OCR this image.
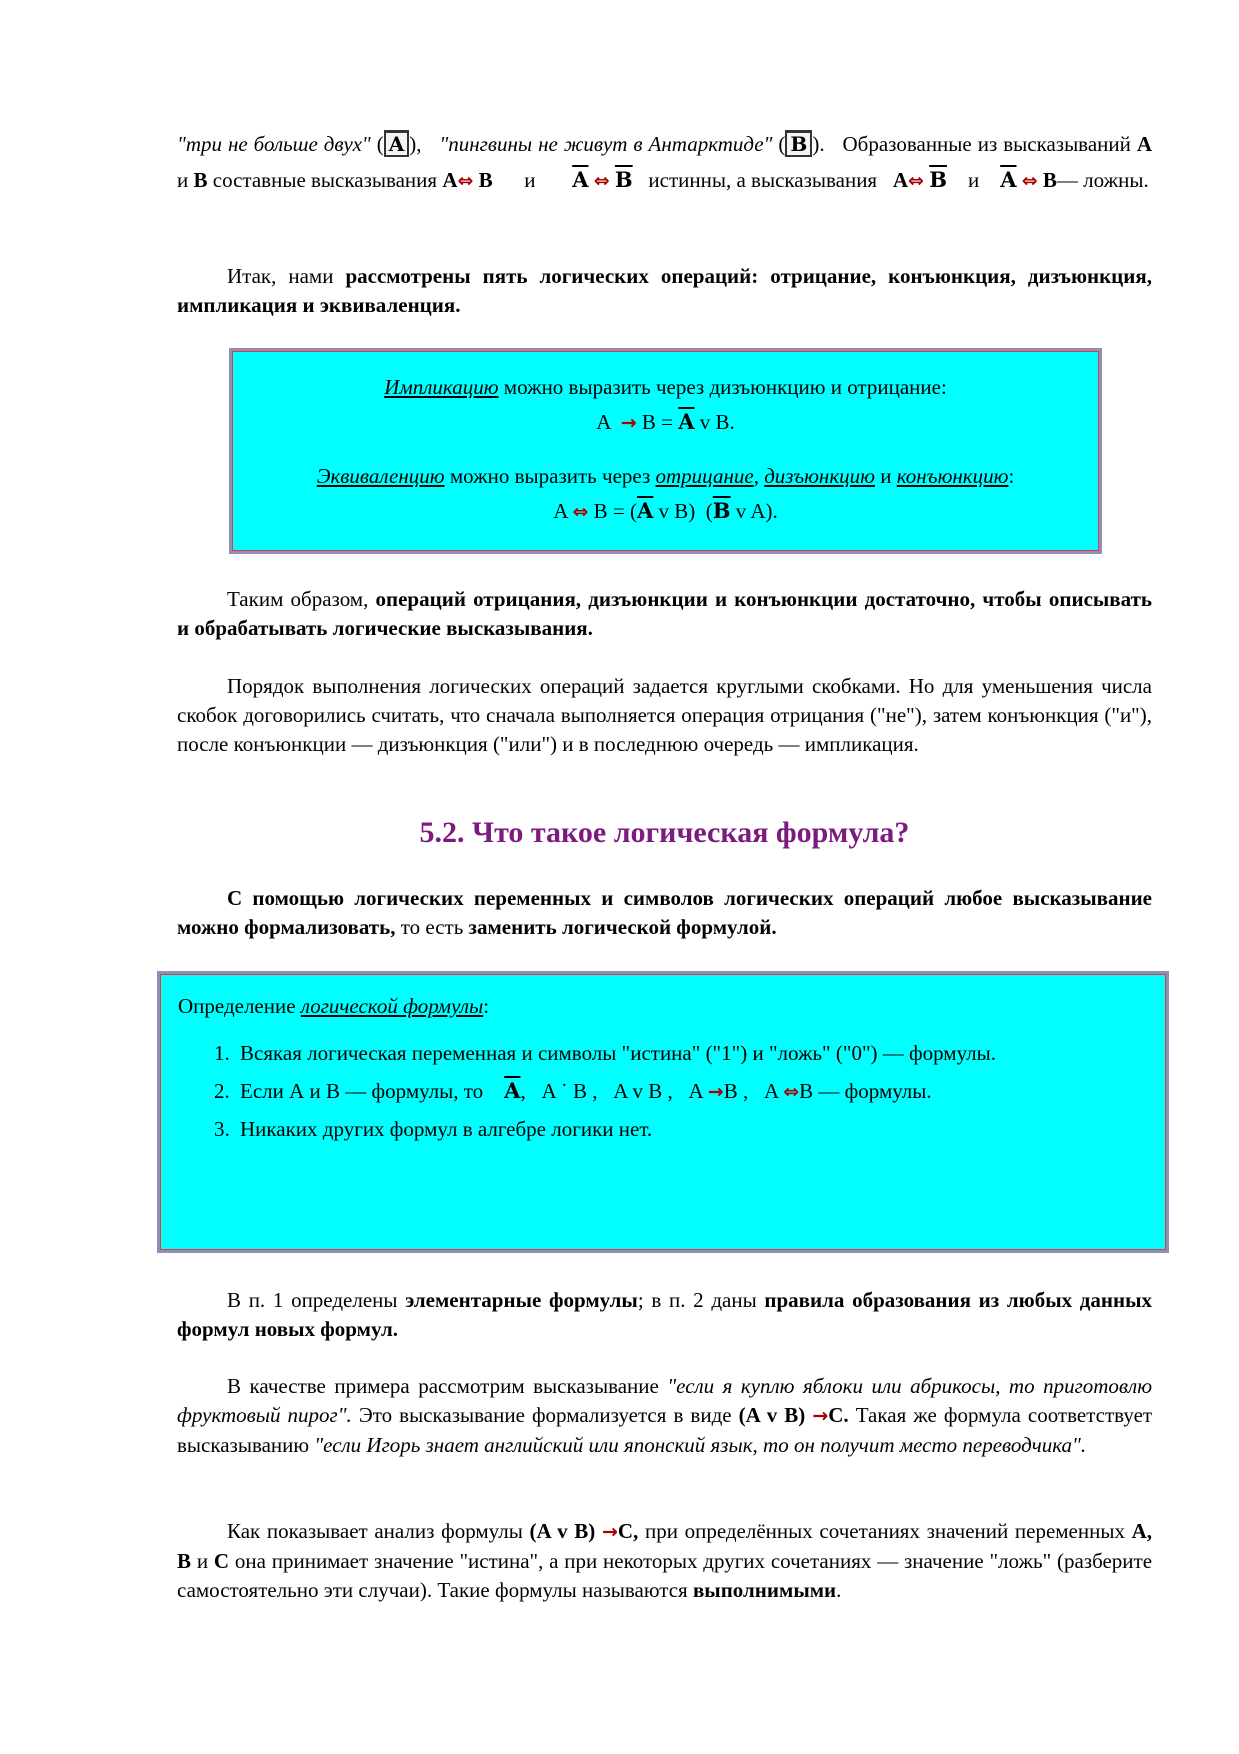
"три не больше двух" ( A ),   "пингвины не живут в Антарктиде" ( B ).   Образованные из высказываний A и B составные высказывания A⇔ B и $\overline{A}$ ⇔ $\overline{B}$ истинны, а высказывания A⇔ $\overline{B}$ и $\overline{A}$ ⇔ B— ложны.

Итак, нами рассмотрены пять логических операций: отрицание, конъюнкция, дизъюнкция, импликация и эквиваленция.

Импликацию можно выразить через дизъюнкцию и отрицание:
$A \to B = \overline{A}$ v B.
Эквиваленцию можно выразить через отрицание, дизъюнкцию и конъюнкцию:
A ⇔ $B = (\overline{A}$ v B)  ($\overline{B}$ v A).

Таким образом, операций отрицания, дизъюнкции и конъюнкции достаточно, чтобы описывать и обрабатывать логические высказывания.

Порядок выполнения логических операций задается круглыми скобками. Но для уменьшения числа скобок договорились считать, что сначала выполняется операция отрицания ("не"), затем конъюнкция ("и"), после конъюнкции — дизъюнкция ("или") и в последнюю очередь — импликация.

5.2. Что такое логическая формула?

С помощью логических переменных и символов логических операций любое высказывание можно формализовать, то есть заменить логической формулой.

Определение логической формулы:
1. Всякая логическая переменная и символы "истина" ("1") и "ложь" ("0") — формулы.
2. Если А и В — формулы, то $\overline{A}$,   A ˙ B , A v B , A →B , A ⇔B — формулы.
3. Никаких других формул в алгебре логики нет.

В п. 1 определены элементарные формулы; в п. 2 даны правила образования из любых данных формул новых формул.

В качестве примера рассмотрим высказывание "если я куплю яблоки или абрикосы, то приготовлю фруктовый пирог". Это высказывание формализуется в виде (A v B) →C. Такая же формула соответствует высказыванию "если Игорь знает английский или японский язык, то он получит место переводчика".

Как показывает анализ формулы (A v B) →C, при определённых сочетаниях значений переменных A, B и C она принимает значение "истина", а при некоторых других сочетаниях — значение "ложь" (разберите самостоятельно эти случаи). Такие формулы называются выполнимыми.
